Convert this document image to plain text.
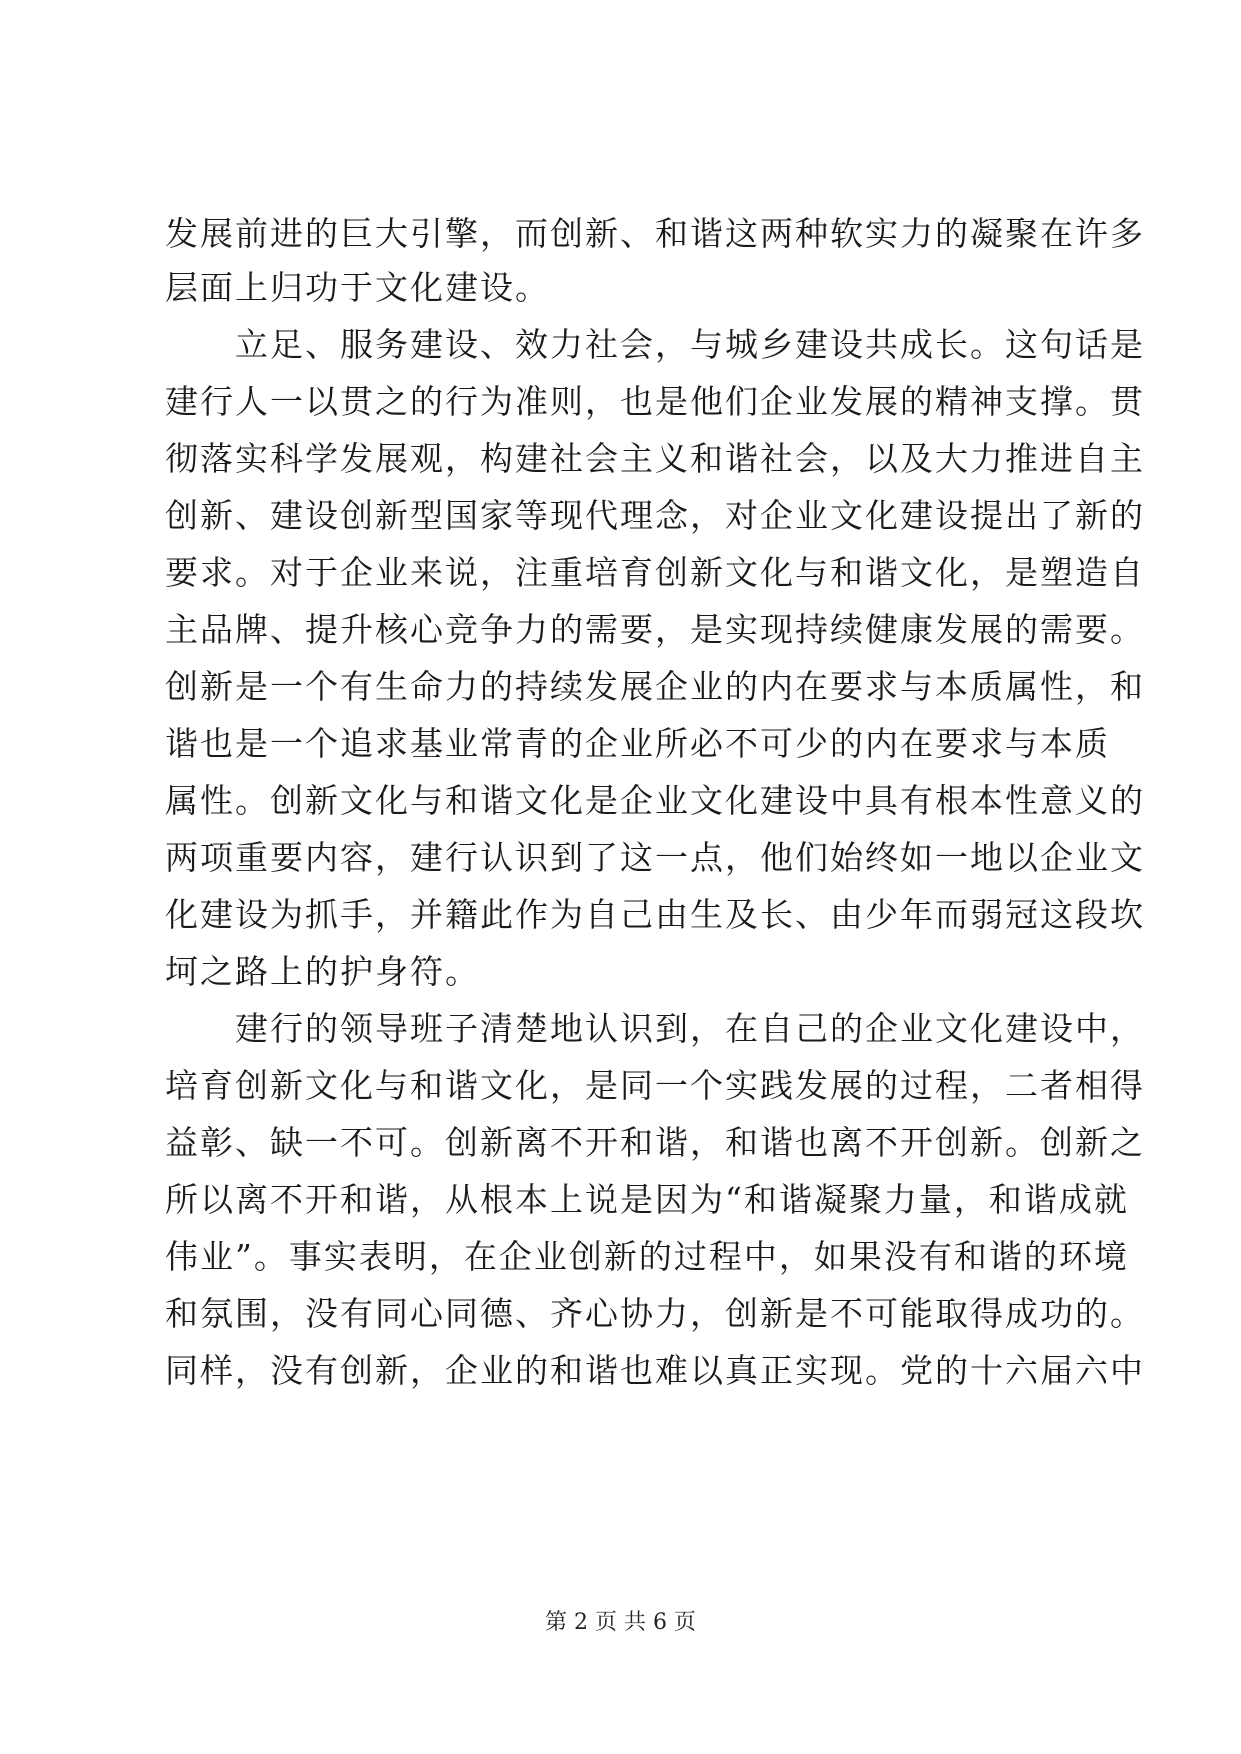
发展前进的巨大引擎，而创新、和谐这两种软实力的凝聚在许多
层面上归功于文化建设。
　　立足、服务建设、效力社会，与城乡建设共成长。这句话是
建行人一以贯之的行为准则，也是他们企业发展的精神支撑。贯
彻落实科学发展观，构建社会主义和谐社会，以及大力推进自主
创新、建设创新型国家等现代理念，对企业文化建设提出了新的
要求。对于企业来说，注重培育创新文化与和谐文化，是塑造自
主品牌、提升核心竞争力的需要，是实现持续健康发展的需要。
创新是一个有生命力的持续发展企业的内在要求与本质属性，和
谐也是一个追求基业常青的企业所必不可少的内在要求与本质
属性。创新文化与和谐文化是企业文化建设中具有根本性意义的
两项重要内容，建行认识到了这一点，他们始终如一地以企业文
化建设为抓手，并籍此作为自己由生及长、由少年而弱冠这段坎
坷之路上的护身符。
　　建行的领导班子清楚地认识到，在自己的企业文化建设中，
培育创新文化与和谐文化，是同一个实践发展的过程，二者相得
益彰、缺一不可。创新离不开和谐，和谐也离不开创新。创新之
所以离不开和谐，从根本上说是因为“和谐凝聚力量，和谐成就
伟业”。事实表明，在企业创新的过程中，如果没有和谐的环境
和氛围，没有同心同德、齐心协力，创新是不可能取得成功的。
同样，没有创新，企业的和谐也难以真正实现。党的十六届六中
第 2 页 共 6 页
